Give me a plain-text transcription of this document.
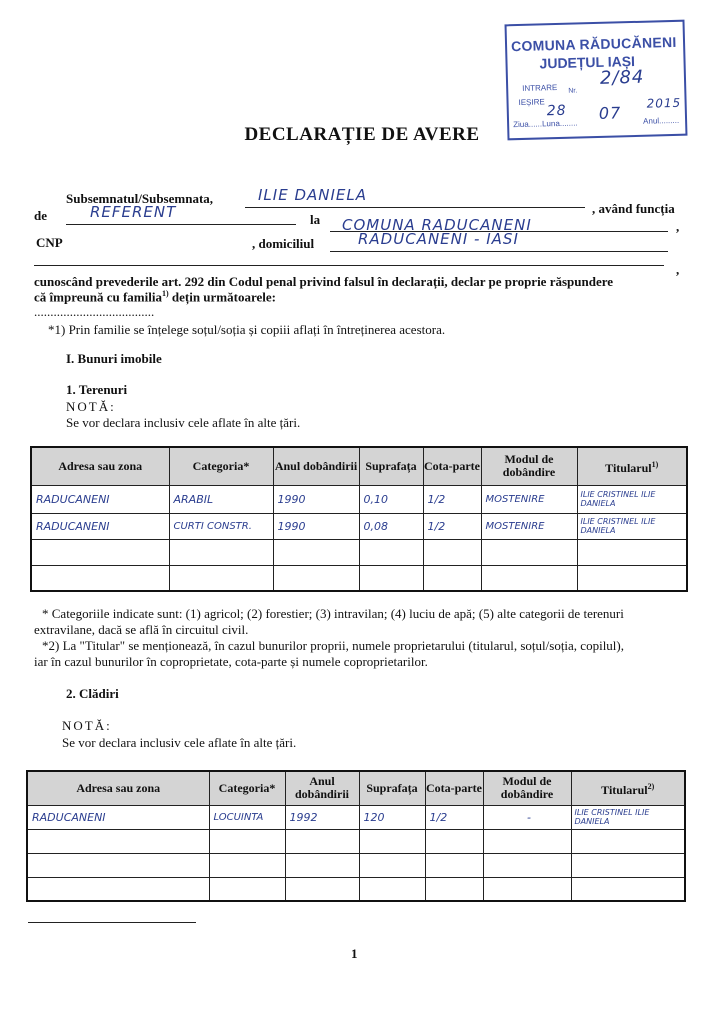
COMUNA RĂDUCĂNENI
JUDEȚUL IAȘI
INTRARE Nr.
IEȘIRE
Ziua......Luna........	Anul.........
2/84
28 07
2015
DECLARAȚIE DE AVERE
Subsemnatul/Subsemnata,	ILIE DANIELA
, având funcția
de	REFERENT	la COMUNA RADUCANENI	,
CNP	, domiciliul	RADUCANENI - IASI
,
cunoscând prevederile art. 292 din Codul penal privind falsul în declarații, declar pe proprie răspundere
că împreună cu familia$^{1)}$ dețin următoarele:
.....................................
*1) Prin familie se înțelege soțul/soția și copiii aflați în întreținerea acestora.
I. Bunuri imobile
1. Terenuri
NOTĂ:
Se vor declara inclusiv cele aflate în alte țări.
Adresa sau zona	Categoria*	Anul dobândirii	Suprafața	Cota-parte	Modul de dobândire	Titularul$^{1)}$
RADUCANENI	ARABIL	1990	0,10	1/2	MOSTENIRE	ILIE CRISTINEL ILIE DANIELA
RADUCANENI	CURTI CONSTR.	1990	0,08	1/2	MOSTENIRE	ILIE CRISTINEL ILIE DANIELA

* Categoriile indicate sunt: (1) agricol; (2) forestier; (3) intravilan; (4) luciu de apă; (5) alte categorii de terenuri
extravilane, dacă se află în circuitul civil.
*2) La "Titular" se menționează, în cazul bunurilor proprii, numele proprietarului (titularul, soțul/soția, copilul),
iar în cazul bunurilor în coproprietate, cota-parte și numele coproprietarilor.
2. Clădiri
NOTĂ:
Se vor declara inclusiv cele aflate în alte țări.
Adresa sau zona	Categoria*	Anul dobândirii	Suprafața	Cota-parte	Modul de dobândire	Titularul$^{2)}$
RADUCANENI	LOCUINTA	1992	120	1/2	-	ILIE CRISTINEL ILIE DANIELA

1
